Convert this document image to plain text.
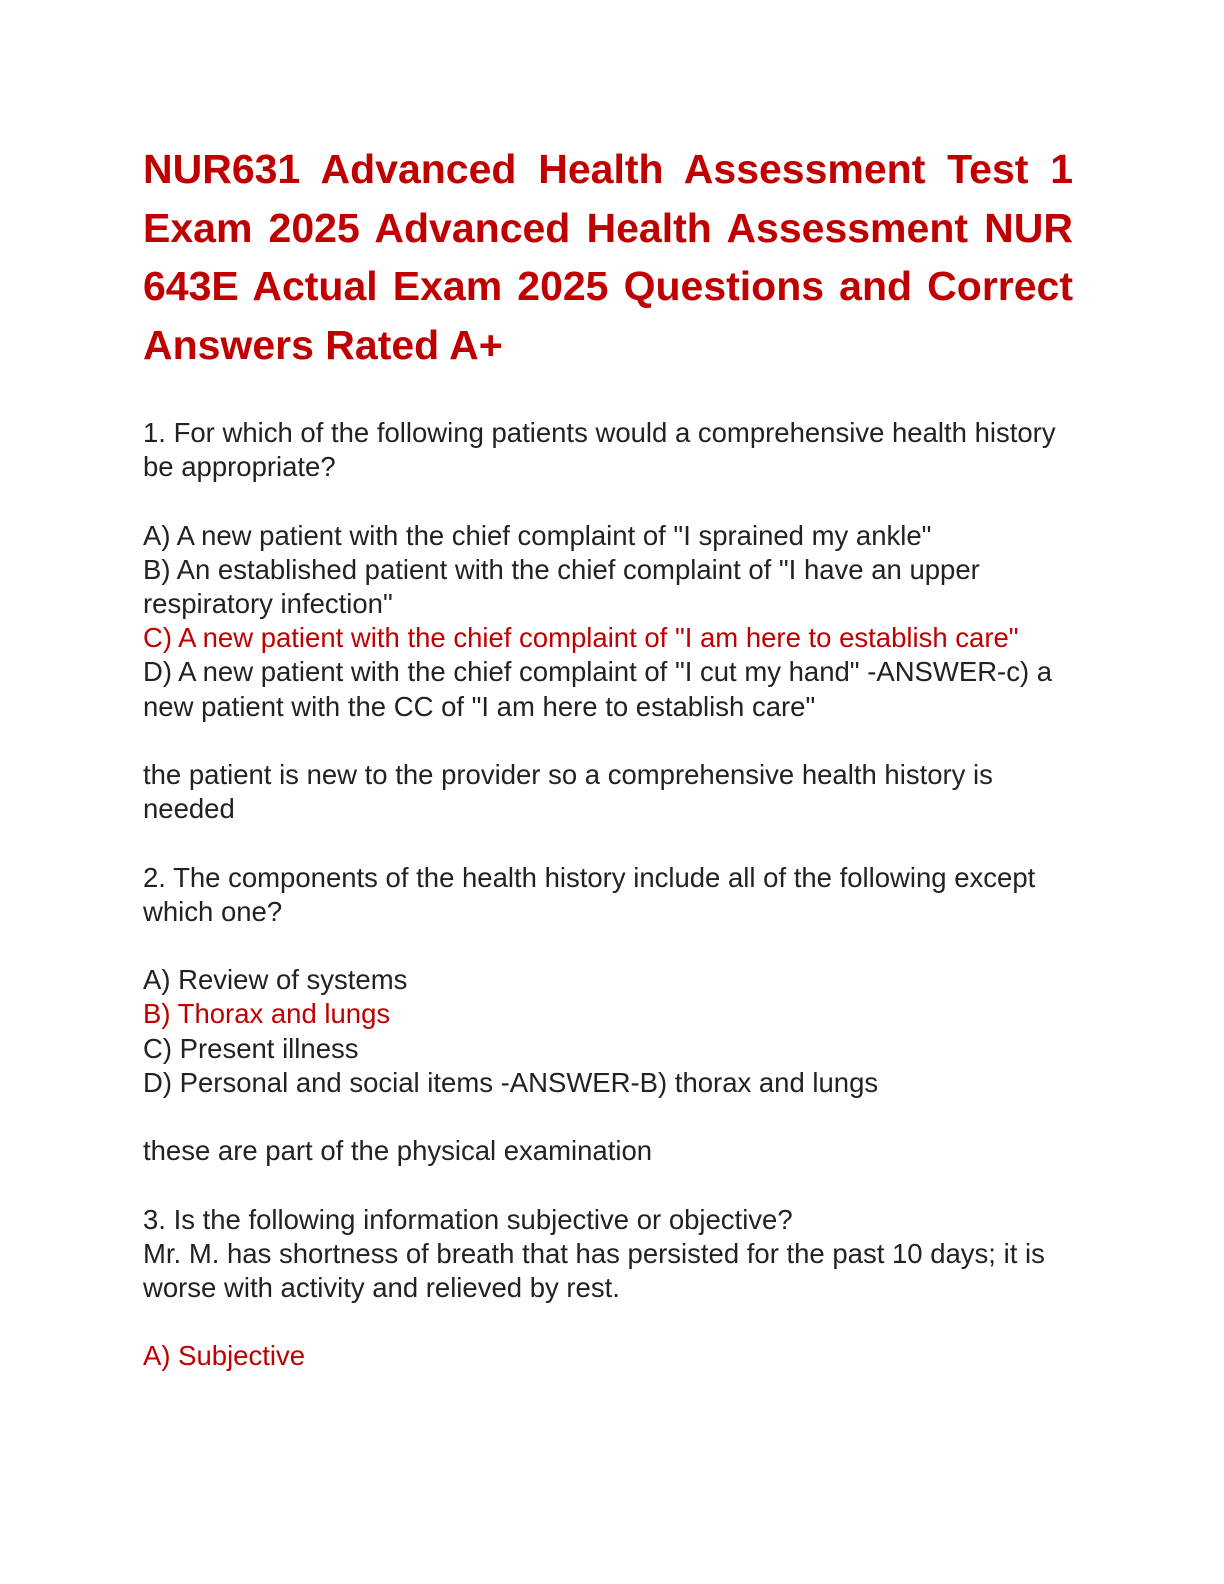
NUR631 Advanced Health Assessment Test 1 Exam 2025 Advanced Health Assessment NUR 643E Actual Exam 2025 Questions and Correct Answers Rated A+

1. For which of the following patients would a comprehensive health history be appropriate?

A) A new patient with the chief complaint of "I sprained my ankle"

B) An established patient with the chief complaint of "I have an upper respiratory infection"

C) A new patient with the chief complaint of "I am here to establish care"

D) A new patient with the chief complaint of "I cut my hand" -ANSWER-c) a new patient with the CC of "I am here to establish care"

the patient is new to the provider so a comprehensive health history is needed

2. The components of the health history include all of the following except which one?

A) Review of systems

B) Thorax and lungs

C) Present illness

D) Personal and social items -ANSWER-B) thorax and lungs

these are part of the physical examination

3. Is the following information subjective or objective?

Mr. M. has shortness of breath that has persisted for the past 10 days; it is worse with activity and relieved by rest.

A) Subjective
